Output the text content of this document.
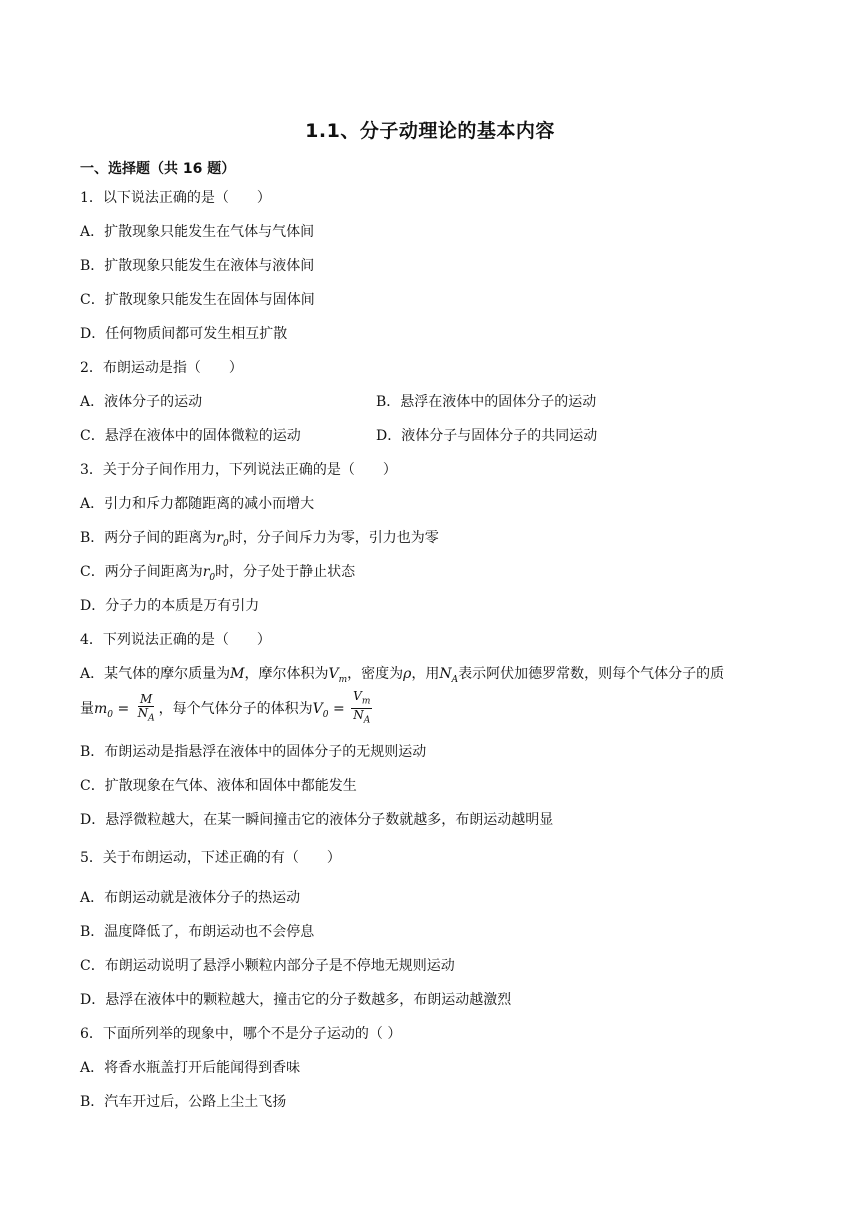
1.1、分子动理论的基本内容
一、选择题（共 16 题）
1．以下说法正确的是（　　）
A．扩散现象只能发生在气体与气体间
B．扩散现象只能发生在液体与液体间
C．扩散现象只能发生在固体与固体间
D．任何物质间都可发生相互扩散
2．布朗运动是指（　　）
A．液体分子的运动	B．悬浮在液体中的固体分子的运动
C．悬浮在液体中的固体微粒的运动	D．液体分子与固体分子的共同运动
3．关于分子间作用力，下列说法正确的是（　　）
A．引力和斥力都随距离的减小而增大
B．两分子间的距离为$r_0$时，分子间斥力为零，引力也为零
C．两分子间距离为$r_0$时，分子处于静止状态
D．分子力的本质是万有引力
4．下列说法正确的是（　　）
A．某气体的摩尔质量为M，摩尔体积为$V_m$，密度为ρ，用$N_A$表示阿伏加德罗常数，则每个气体分子的质
量$m_0 = \frac{M}{N_A}$ ，每个气体分子的体积为$V_0 = \frac{V_m}{N_A}$
B．布朗运动是指悬浮在液体中的固体分子的无规则运动
C．扩散现象在气体、液体和固体中都能发生
D．悬浮微粒越大，在某一瞬间撞击它的液体分子数就越多，布朗运动越明显
5．关于布朗运动，下述正确的有（　　）
A．布朗运动就是液体分子的热运动
B．温度降低了，布朗运动也不会停息
C．布朗运动说明了悬浮小颗粒内部分子是不停地无规则运动
D．悬浮在液体中的颗粒越大，撞击它的分子数越多，布朗运动越激烈
6．下面所列举的现象中，哪个不是分子运动的（ ）
A．将香水瓶盖打开后能闻得到香味
B．汽车开过后，公路上尘土飞扬
